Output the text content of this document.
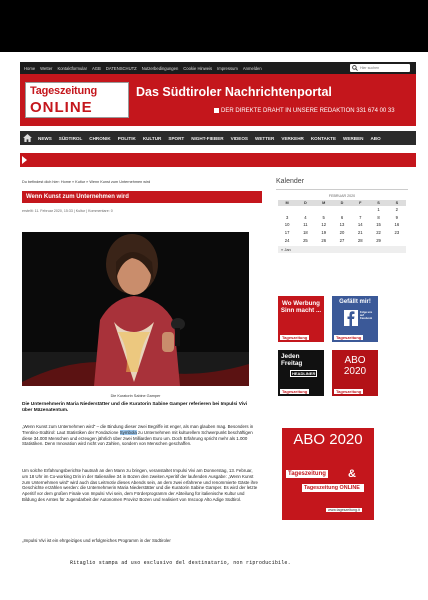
Home Wetter Kontaktformular AGB DATENSCHUTZ Nutzerbedingungen Cookie Hinweis Impressum Anmelden
Hier suchen
Tageszeitung
ONLINE
Das Südtiroler Nachrichtenportal
DER DIREKTE DRAHT IN UNSERE REDAKTION 331 674 00 33
NEWS SÜDTIROL CHRONIK POLITIK KULTUR SPORT NIGHT-FIEBER VIDEOS WETTER VERKEHR KONTAKTE WERBEN ABO
Du befindest dich hier: Home » Kultur » Wenn Kunst zum Unternehmen wird
Wenn Kunst zum Unternehmen wird
erstellt: 11. Februar 2020, 15:33 | Kultur | Kommentare: 0
Die Kuratorin Sabine Gamper
Die Unternehmerin Maria Niederstätter und die Kuratorin Sabine Gamper referieren bei Impulsi Vivi über Mäzenatentum.
„Wenn Kunst zum Unternehmen wird“ – die Bindung dieser zwei Begriffe ist enger, als man glauben mag. Besonders in Trentino-Südtirol: Laut Statistiken der Fondazione Symbola zu Unternehmen mit kulturellem Schwerpunkt beschäftigen diese 34.000 Menschen und erzeugen jährlich über zwei Milliarden Euro um. Doch Erfahrung spricht mehr als 1.000 Statistiken. Denn Innovation wird nicht von Zahlen, sondern von Menschen geschaffen.
Um solche Erfahrungsberichte hautnah an den Mann zu bringen, veranstaltet Impulsi Vivi am Donnerstag, 13. Februar, um 18 Uhr im Co-working Drin in der Italienallee 34 in Bozen den zweiten Aperitif der laufenden Ausgabe: „Wenn Kunst zum Unternehmen wird“ wird auch das Leitmotiv dieses Abends sein, an dem zwei erfahrene und renommierte Gäste ihre Geschichte erzählen werden: die Unternehmerin Maria Niederstätter und die Kuratorin Sabine Gamper. Es wird der letzte Aperitif vor dem großen Finale von Impulsi Vivi sein, dem Förderprogramm der Abteilung für italienische Kultur und Bildung des Amtes für Jugendarbeit der Autonomen Provinz Bozen und realisiert von Inscoop Alto Adige Südtirol.
„Impulsi Vivi ist ein ehrgeiziges und erfolgreiches Programm in der Südtiroler
Kalender
FEBRUAR 2020
M	D	M	D	F	S	S
					1	2
3	4	5	6	7	8	9
10	11	12	13	14	15	16
17	18	19	20	21	22	23
24	25	26	27	28	29	
« Jan
Wo Werbung Sinn macht ...
Tageszeitung
Gefällt mir!
Folge uns auf Facebook
Tageszeitung
Jeden Freitag
HEADLINER
Tageszeitung
ABO 2020
Tageszeitung
ABO 2020
Tageszeitung &
Tageszeitung ONLINE
www.tageszeitung.it
Ritaglio stampa ad uso esclusivo del destinatario, non riproducibile.
